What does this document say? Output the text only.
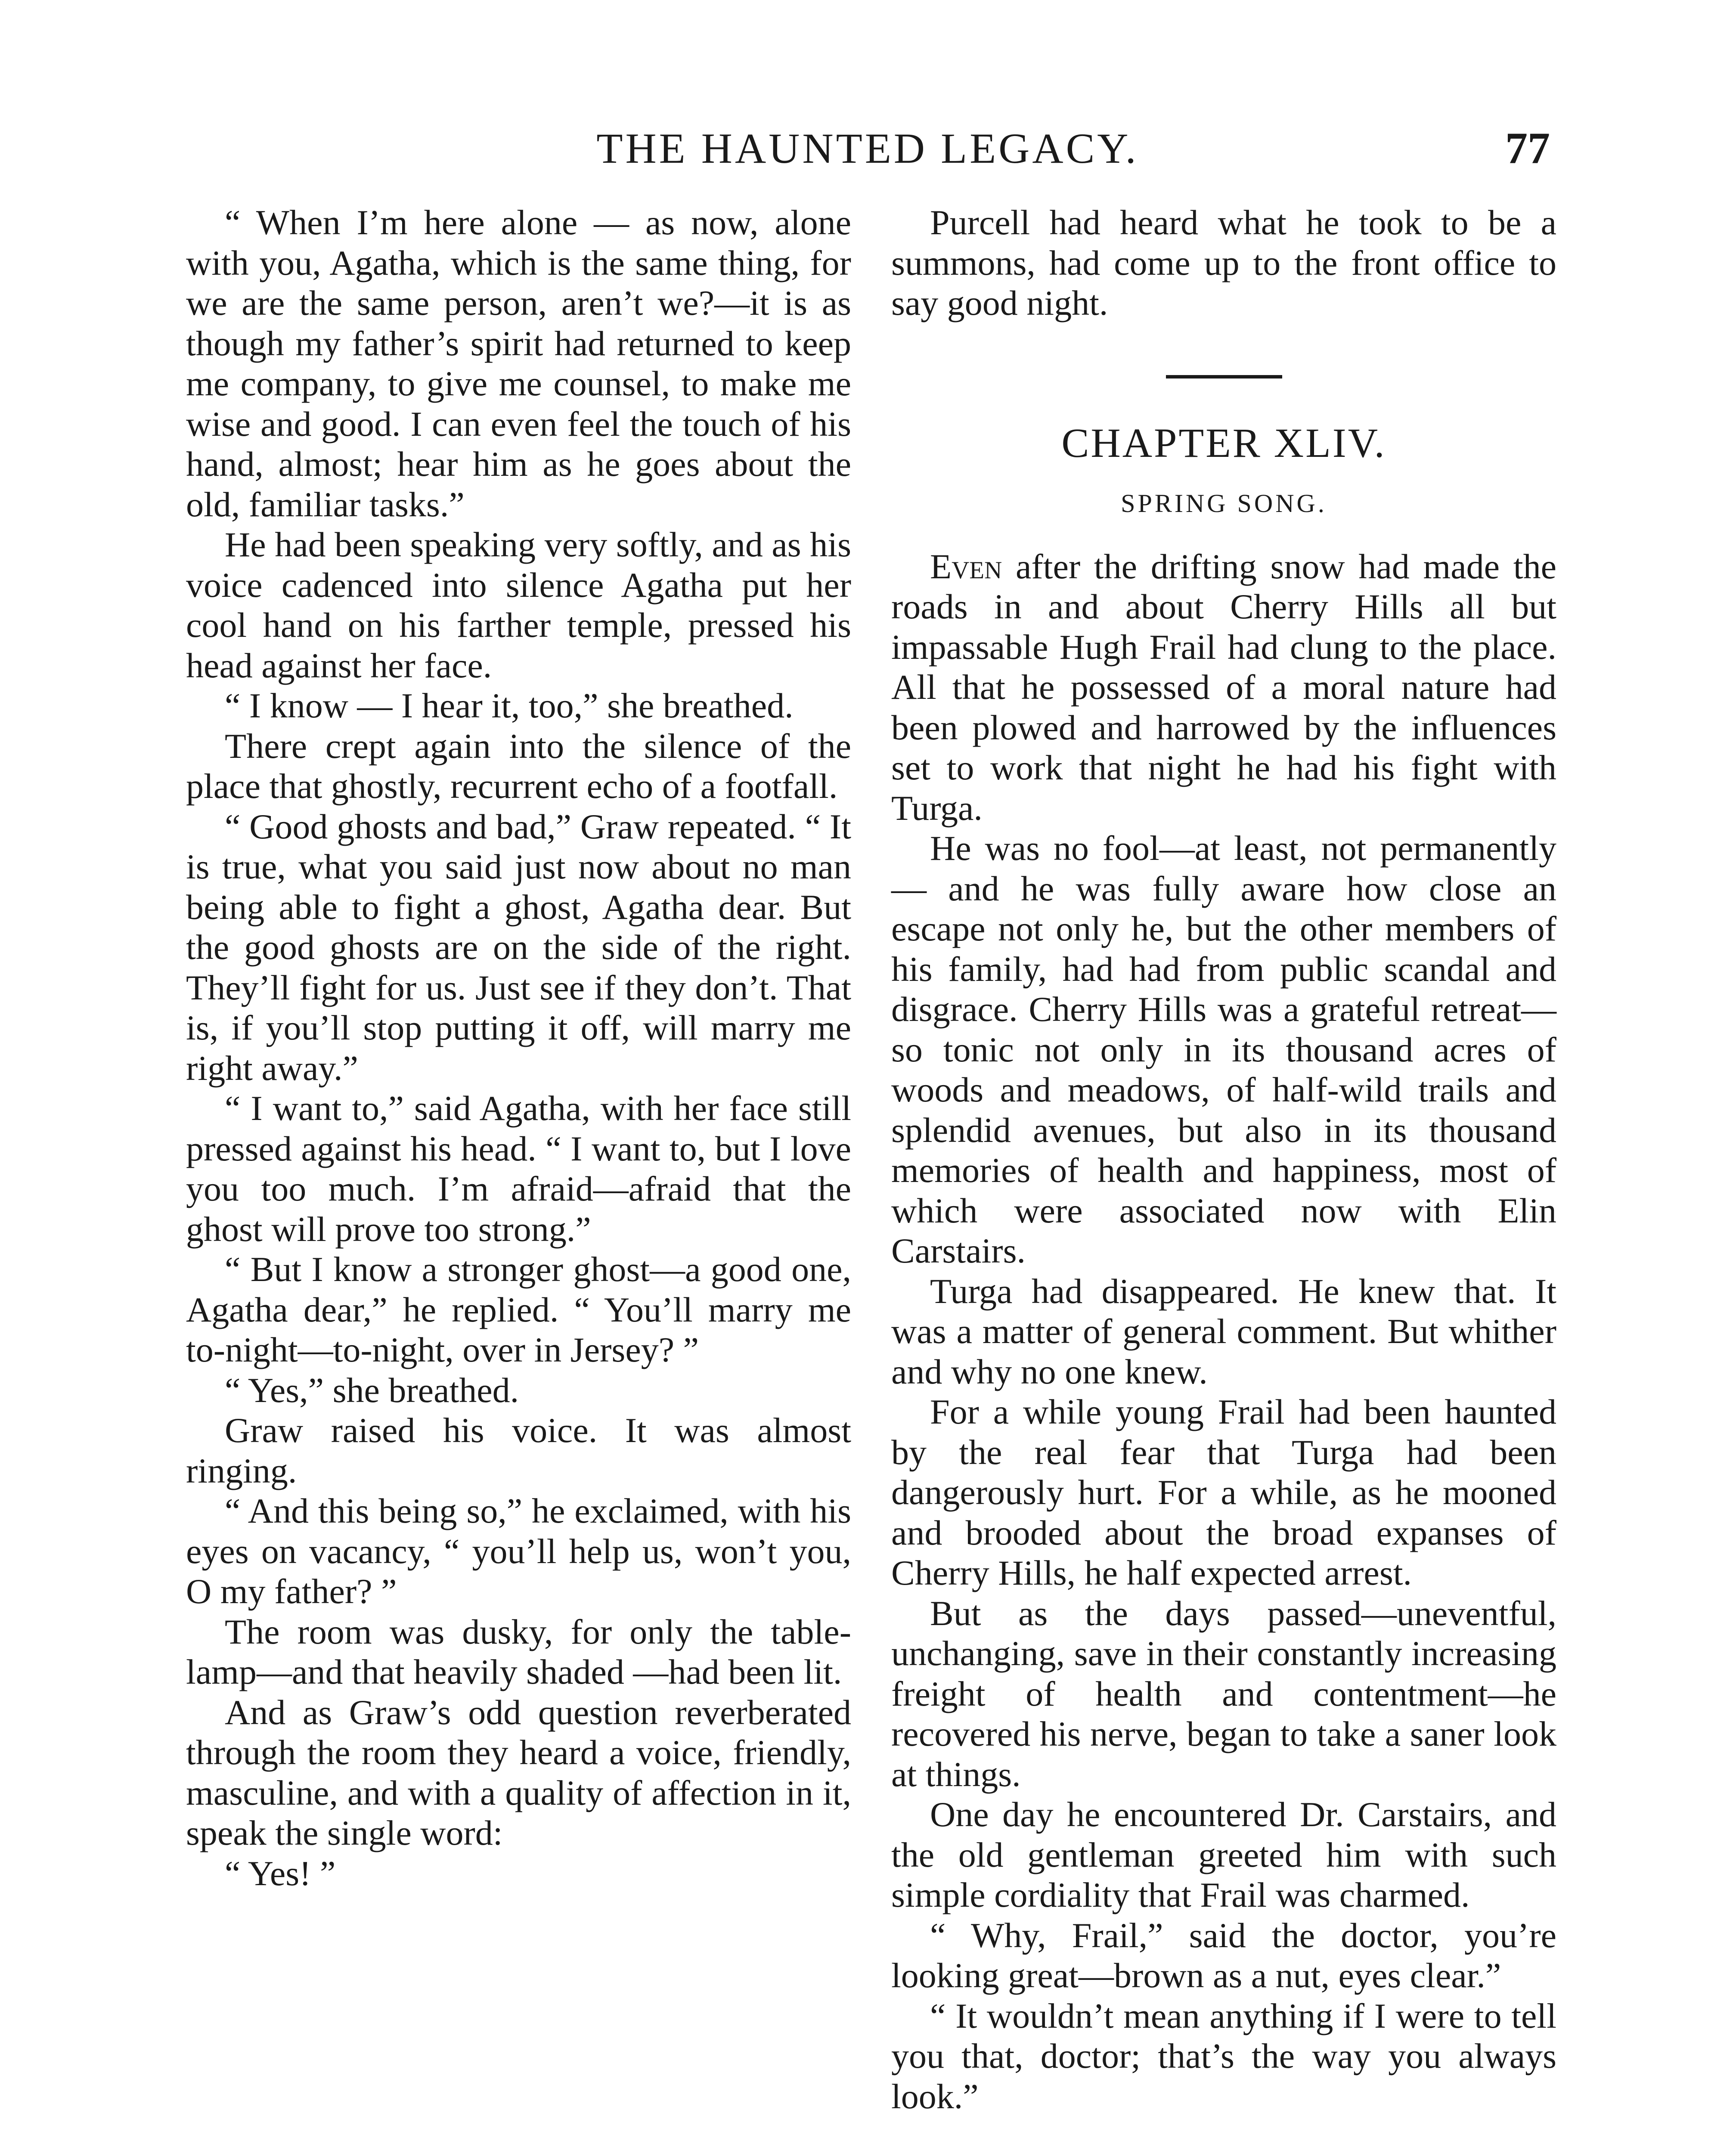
THE HAUNTED LEGACY.	77

“ When I’m here alone — as now, alone with you, Agatha, which is the same thing, for we are the same person, aren’t we?—it is as though my father’s spirit had returned to keep me company, to give me counsel, to make me wise and good. I can even feel the touch of his hand, almost; hear him as he goes about the old, familiar tasks.”

He had been speaking very softly, and as his voice cadenced into silence Agatha put her cool hand on his farther temple, pressed his head against her face.

“ I know — I hear it, too,” she breathed.

There crept again into the silence of the place that ghostly, recurrent echo of a footfall.

“ Good ghosts and bad,” Graw repeated. “ It is true, what you said just now about no man being able to fight a ghost, Agatha dear. But the good ghosts are on the side of the right. They’ll fight for us. Just see if they don’t. That is, if you’ll stop putting it off, will marry me right away.”

“ I want to,” said Agatha, with her face still pressed against his head. “ I want to, but I love you too much. I’m afraid—afraid that the ghost will prove too strong.”

“ But I know a stronger ghost—a good one, Agatha dear,” he replied. “ You’ll marry me to-night—to-night, over in Jersey? ”

“ Yes,” she breathed.

Graw raised his voice. It was almost ringing.

“ And this being so,” he exclaimed, with his eyes on vacancy, “ you’ll help us, won’t you, O my father? ”

The room was dusky, for only the table-lamp—and that heavily shaded —had been lit.

And as Graw’s odd question reverberated through the room they heard a voice, friendly, masculine, and with a quality of affection in it, speak the single word:

“ Yes! ”

Purcell had heard what he took to be a summons, had come up to the front office to say good night.

CHAPTER XLIV.
SPRING SONG.

Even after the drifting snow had made the roads in and about Cherry Hills all but impassable Hugh Frail had clung to the place. All that he possessed of a moral nature had been plowed and harrowed by the influences set to work that night he had his fight with Turga.

He was no fool—at least, not permanently — and he was fully aware how close an escape not only he, but the other members of his family, had had from public scandal and disgrace. Cherry Hills was a grateful retreat—so tonic not only in its thousand acres of woods and meadows, of half-wild trails and splendid avenues, but also in its thousand memories of health and happiness, most of which were associated now with Elin Carstairs.

Turga had disappeared. He knew that. It was a matter of general comment. But whither and why no one knew.

For a while young Frail had been haunted by the real fear that Turga had been dangerously hurt. For a while, as he mooned and brooded about the broad expanses of Cherry Hills, he half expected arrest.

But as the days passed—uneventful, unchanging, save in their constantly increasing freight of health and contentment—he recovered his nerve, began to take a saner look at things.

One day he encountered Dr. Carstairs, and the old gentleman greeted him with such simple cordiality that Frail was charmed.

“ Why, Frail,” said the doctor, you’re looking great—brown as a nut, eyes clear.”

“ It wouldn’t mean anything if I were to tell you that, doctor; that’s the way you always look.”
